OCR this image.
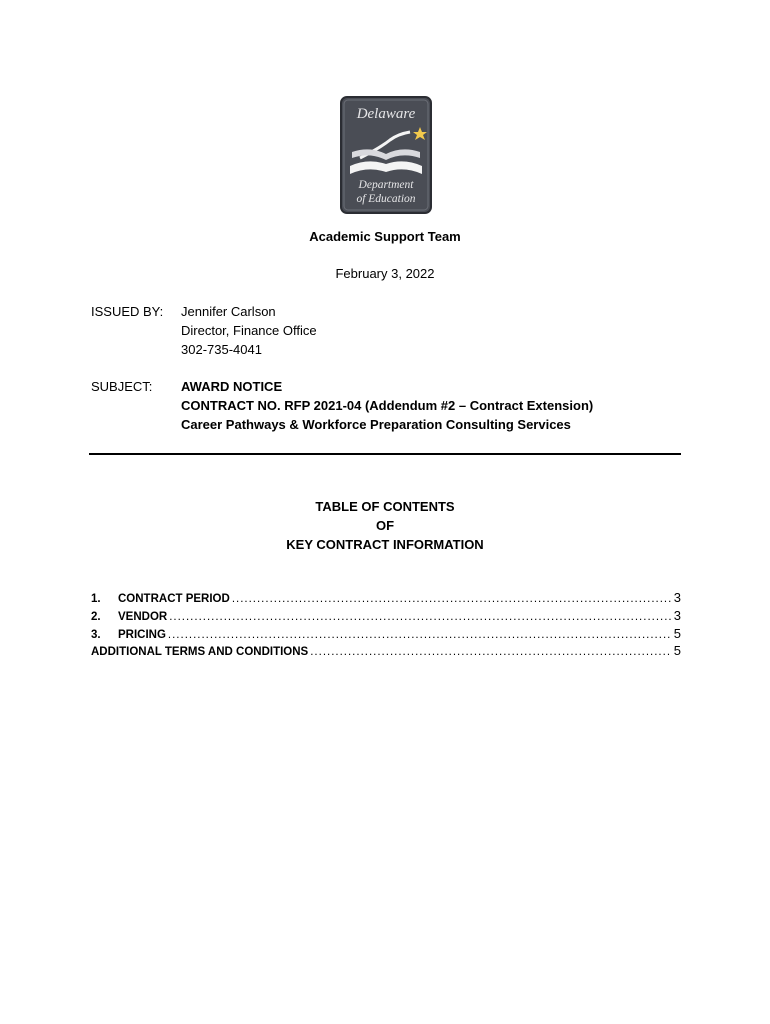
Delaware
Department
of Education
Academic Support Team
February 3, 2022
ISSUED BY: Jennifer Carlson
Director, Finance Office
302-735-4041
SUBJECT: AWARD NOTICE
CONTRACT NO. RFP 2021-04 (Addendum #2 – Contract Extension)
Career Pathways & Workforce Preparation Consulting Services
TABLE OF CONTENTS
OF
KEY CONTRACT INFORMATION
1.	CONTRACT PERIOD .....	3
2.	VENDOR .....	3
3.	PRICING .....	5
ADDITIONAL TERMS AND CONDITIONS .....	5
